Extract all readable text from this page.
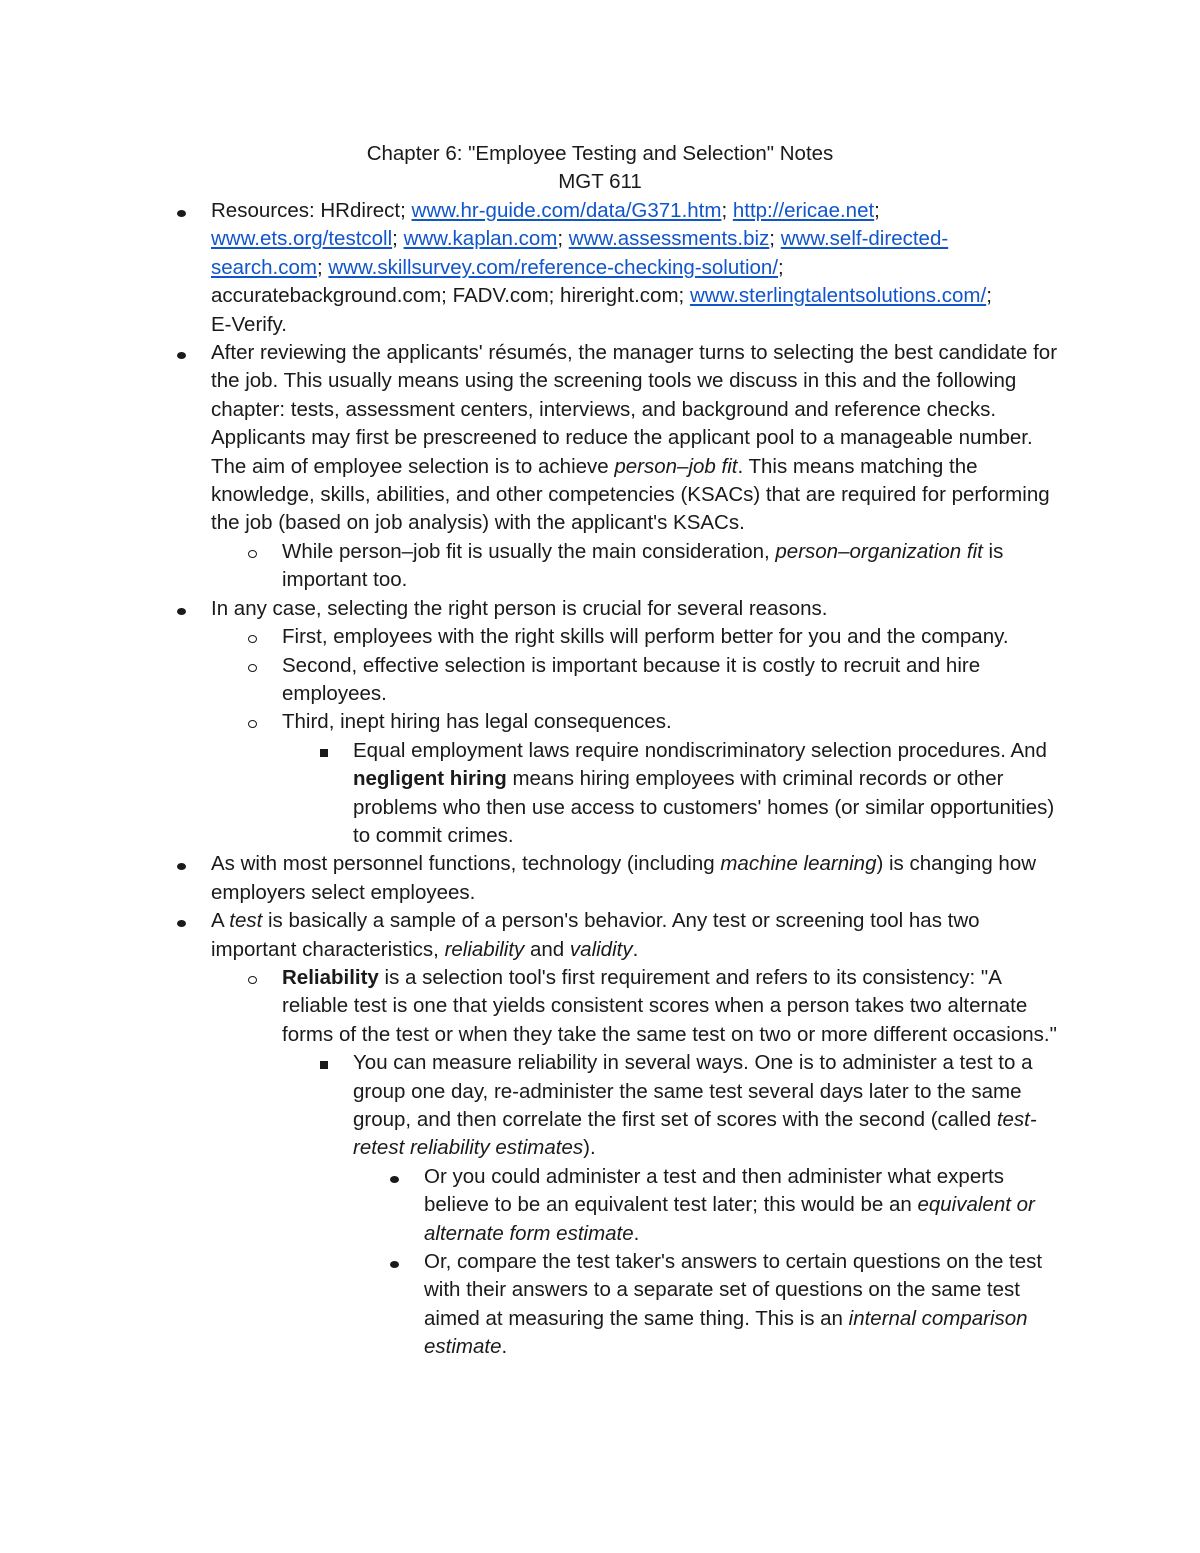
Chapter 6: "Employee Testing and Selection" Notes
MGT 611
Resources: HRdirect; www.hr-guide.com/data/G371.htm; http://ericae.net;
www.ets.org/testcoll; www.kaplan.com; www.assessments.biz; www.self-directed-
search.com; www.skillsurvey.com/reference-checking-solution/;
accuratebackground.com; FADV.com; hireright.com; www.sterlingtalentsolutions.com/;
E-Verify.
After reviewing the applicants' résumés, the manager turns to selecting the best candidate for the job. This usually means using the screening tools we discuss in this and the following chapter: tests, assessment centers, interviews, and background and reference checks. Applicants may first be prescreened to reduce the applicant pool to a manageable number. The aim of employee selection is to achieve person–job fit. This means matching the knowledge, skills, abilities, and other competencies (KSACs) that are required for performing the job (based on job analysis) with the applicant's KSACs.
While person–job fit is usually the main consideration, person–organization fit is important too.
In any case, selecting the right person is crucial for several reasons.
First, employees with the right skills will perform better for you and the company.
Second, effective selection is important because it is costly to recruit and hire employees.
Third, inept hiring has legal consequences.
Equal employment laws require nondiscriminatory selection procedures. And negligent hiring means hiring employees with criminal records or other problems who then use access to customers' homes (or similar opportunities) to commit crimes.
As with most personnel functions, technology (including machine learning) is changing how employers select employees.
A test is basically a sample of a person's behavior. Any test or screening tool has two important characteristics, reliability and validity.
Reliability is a selection tool's first requirement and refers to its consistency: "A reliable test is one that yields consistent scores when a person takes two alternate forms of the test or when they take the same test on two or more different occasions."
You can measure reliability in several ways. One is to administer a test to a group one day, re-administer the same test several days later to the same group, and then correlate the first set of scores with the second (called test-retest reliability estimates).
Or you could administer a test and then administer what experts believe to be an equivalent test later; this would be an equivalent or alternate form estimate.
Or, compare the test taker's answers to certain questions on the test with their answers to a separate set of questions on the same test aimed at measuring the same thing. This is an internal comparison estimate.
